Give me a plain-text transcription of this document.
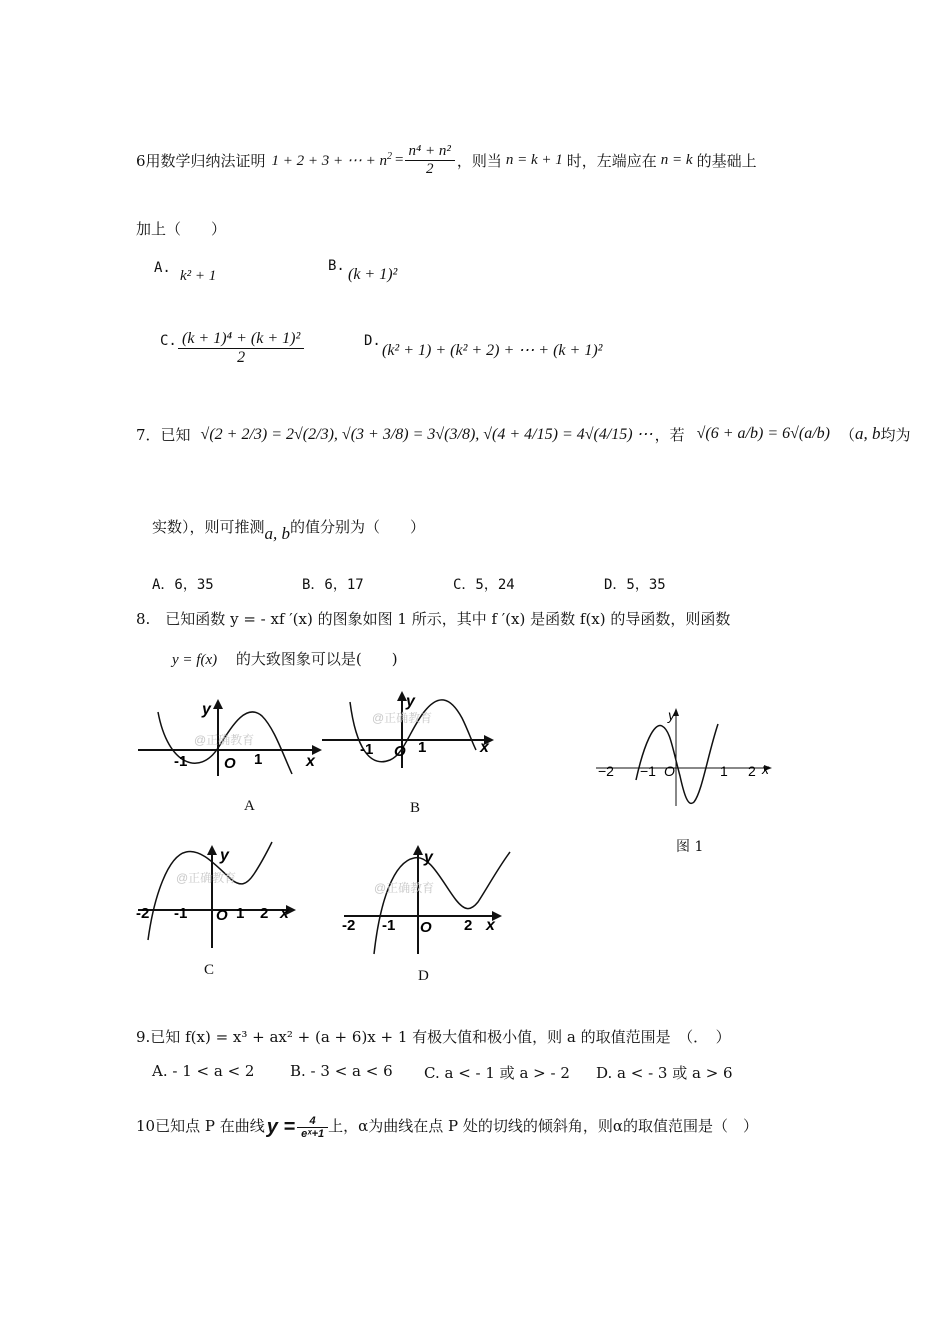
6用数学归纳法证明 1 + 2 + 3 + ⋯ + $n^2 = \frac{\text{n⁴ + n²}}{2}$ ，则当 n = k + 1 时，左端应在 n = k 的基础上
加上（　　）
A. k² + 1
B. (k + 1)²
C. $\frac{\text{(k + 1)⁴ + (k + 1)²}}{2}$	D.
(k² + 1) + (k² + 2) + ⋯ + (k + 1)²
7．已知 √(2 + 2/3) = 2√(2/3), √(3 + 3/8) = 3√(3/8), √(4 + 4/15) = 4√(4/15) ⋯ ，若 √(6 + a/b) = 6√(a/b) （ a, b 均为
实数），则可推测 a, b 的值分别为（　　）
A．6，35	B．6，17	C．5，24	D．5，35
8.　已知函数 y = - xf ′(x) 的图象如图 1 所示，其中 f ′(x) 是函数 f(x) 的导函数，则函数
y = f(x) 的大致图象可以是(　　)
y
x
-1 O 1
@正确教育
A
y
x
-1 O 1
@正确教育
B
y
x
−2 −1 O	1 2
图 1
y
x
-2 -1 O 1 2
@正确教育
C
y
x
-2 -1 O 2
@正确教育
D
9.已知 f(x) = x³ + ax² + (a + 6)x + 1 有极大值和极小值，则 a 的取值范围是　（．　）
A. - 1 < a < 2 B. - 3 < a < 6 C. a < - 1 或 a > - 2 D. a < - 3 或 a > 6
10已知点 P 在曲线 $y = \frac{4}{\text{eˣ+1}}$ 上，α为曲线在点 P 处的切线的倾斜角，则α的取值范围是（　）
